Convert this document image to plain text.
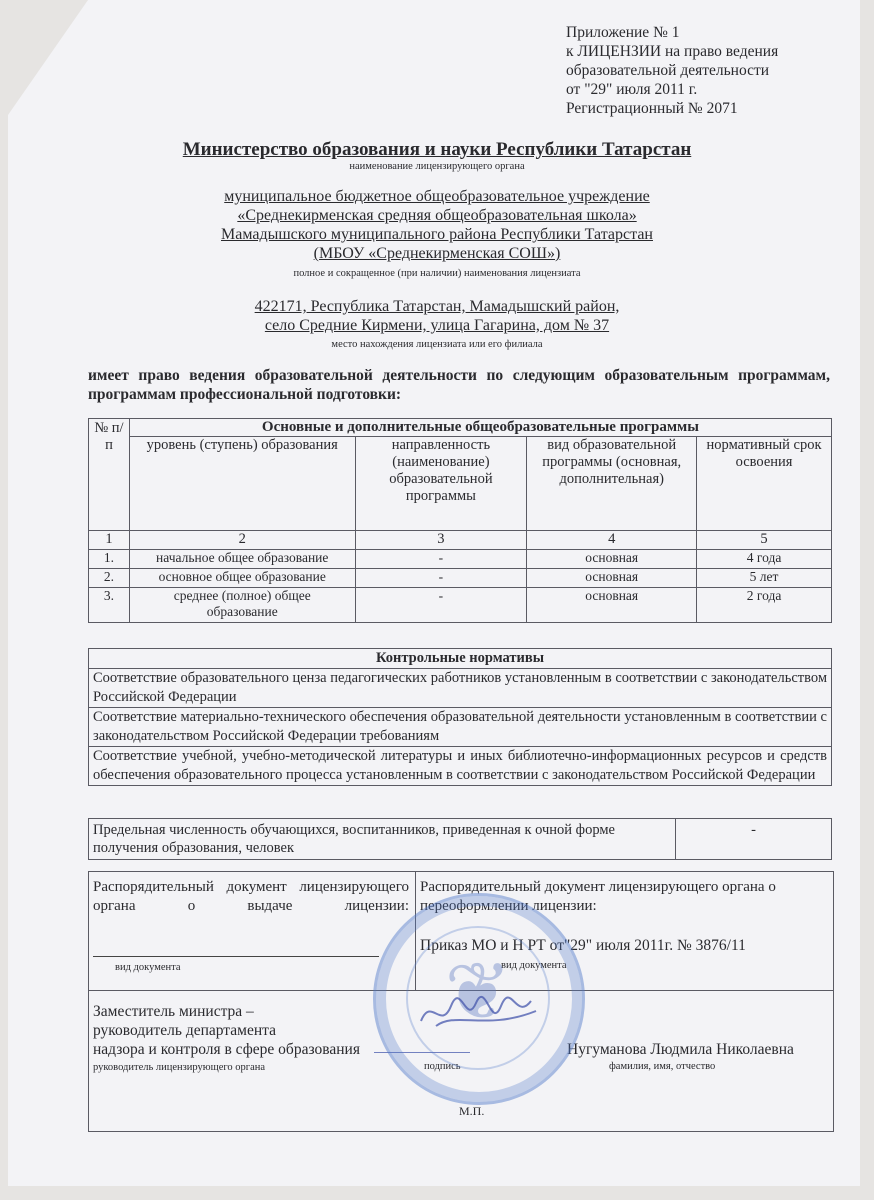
Приложение № 1
к ЛИЦЕНЗИИ на право ведения
образовательной деятельности
от "29" июля 2011 г.
Регистрационный № 2071
Министерство образования и науки Республики Татарстан
наименование лицензирующего органа
муниципальное бюджетное общеобразовательное учреждение
«Среднекирменская средняя общеобразовательная школа»
Мамадышского муниципального района Республики Татарстан
(МБОУ «Среднекирменская СОШ»)
полное и сокращенное (при наличии) наименования лицензиата
422171, Республика Татарстан, Мамадышский район,
село Средние Кирмени, улица Гагарина, дом № 37
место нахождения лицензиата или его филиала
имеет право ведения образовательной деятельности по следующим образовательным программам, программам профессиональной подготовки:
№ п/п	Основные и дополнительные общеобразовательные программы			
	уровень (ступень) образования	направленность (наименование) образовательной программы	вид образовательной программы (основная, дополнительная)	нормативный срок освоения
1	2	3	4	5
1.	начальное общее образование	-	основная	4 года
2.	основное общее образование	-	основная	5 лет
3.	среднее (полное) общее образование	-	основная	2 года
Контрольные нормативы
Соответствие образовательного ценза педагогических работников установленным в соответствии с законодательством Российской Федерации
Соответствие материально-технического обеспечения образовательной деятельности установленным в соответствии с законодательством Российской Федерации требованиям
Соответствие учебной, учебно-методической литературы и иных библиотечно-информационных ресурсов и средств обеспечения образовательного процесса установленным в соответствии с законодательством Российской Федерации
Предельная численность обучающихся, воспитанников, приведенная к очной форме получения образования, человек	-
Распорядительный документ лицензирующего органа о выдаче лицензии:
вид документа
Распорядительный документ лицензирующего органа о переоформлении лицензии:
Приказ МО и Н РТ от"29" июля 2011г. № 3876/11
вид документа
Заместитель министра –
руководитель департамента
надзора и контроля в сфере образования
руководитель лицензирующего органа	подпись
Нугуманова Людмила Николаевна
фамилия, имя, отчество
М.П.
❦
